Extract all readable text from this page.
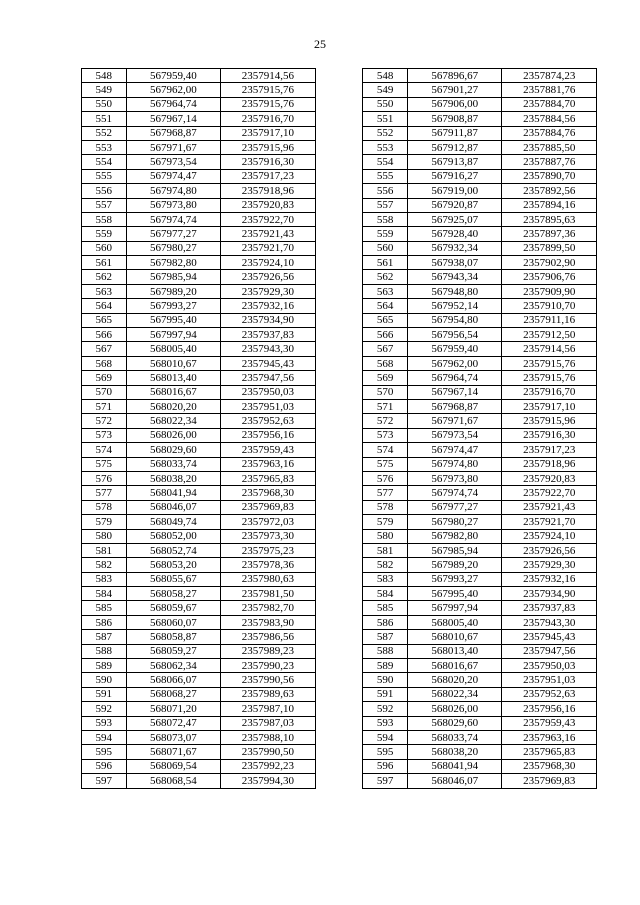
25
548	567959,40	2357914,56		548	567896,67	2357874,23
549	567962,00	2357915,76		549	567901,27	2357881,76
550	567964,74	2357915,76		550	567906,00	2357884,70
551	567967,14	2357916,70		551	567908,87	2357884,56
552	567968,87	2357917,10		552	567911,87	2357884,76
553	567971,67	2357915,96		553	567912,87	2357885,50
554	567973,54	2357916,30		554	567913,87	2357887,76
555	567974,47	2357917,23		555	567916,27	2357890,70
556	567974,80	2357918,96		556	567919,00	2357892,56
557	567973,80	2357920,83		557	567920,87	2357894,16
558	567974,74	2357922,70		558	567925,07	2357895,63
559	567977,27	2357921,43		559	567928,40	2357897,36
560	567980,27	2357921,70		560	567932,34	2357899,50
561	567982,80	2357924,10		561	567938,07	2357902,90
562	567985,94	2357926,56		562	567943,34	2357906,76
563	567989,20	2357929,30		563	567948,80	2357909,90
564	567993,27	2357932,16		564	567952,14	2357910,70
565	567995,40	2357934,90		565	567954,80	2357911,16
566	567997,94	2357937,83		566	567956,54	2357912,50
567	568005,40	2357943,30		567	567959,40	2357914,56
568	568010,67	2357945,43		568	567962,00	2357915,76
569	568013,40	2357947,56		569	567964,74	2357915,76
570	568016,67	2357950,03		570	567967,14	2357916,70
571	568020,20	2357951,03		571	567968,87	2357917,10
572	568022,34	2357952,63		572	567971,67	2357915,96
573	568026,00	2357956,16		573	567973,54	2357916,30
574	568029,60	2357959,43		574	567974,47	2357917,23
575	568033,74	2357963,16		575	567974,80	2357918,96
576	568038,20	2357965,83		576	567973,80	2357920,83
577	568041,94	2357968,30		577	567974,74	2357922,70
578	568046,07	2357969,83		578	567977,27	2357921,43
579	568049,74	2357972,03		579	567980,27	2357921,70
580	568052,00	2357973,30		580	567982,80	2357924,10
581	568052,74	2357975,23		581	567985,94	2357926,56
582	568053,20	2357978,36		582	567989,20	2357929,30
583	568055,67	2357980,63		583	567993,27	2357932,16
584	568058,27	2357981,50		584	567995,40	2357934,90
585	568059,67	2357982,70		585	567997,94	2357937,83
586	568060,07	2357983,90		586	568005,40	2357943,30
587	568058,87	2357986,56		587	568010,67	2357945,43
588	568059,27	2357989,23		588	568013,40	2357947,56
589	568062,34	2357990,23		589	568016,67	2357950,03
590	568066,07	2357990,56		590	568020,20	2357951,03
591	568068,27	2357989,63		591	568022,34	2357952,63
592	568071,20	2357987,10		592	568026,00	2357956,16
593	568072,47	2357987,03		593	568029,60	2357959,43
594	568073,07	2357988,10		594	568033,74	2357963,16
595	568071,67	2357990,50		595	568038,20	2357965,83
596	568069,54	2357992,23		596	568041,94	2357968,30
597	568068,54	2357994,30		597	568046,07	2357969,83
